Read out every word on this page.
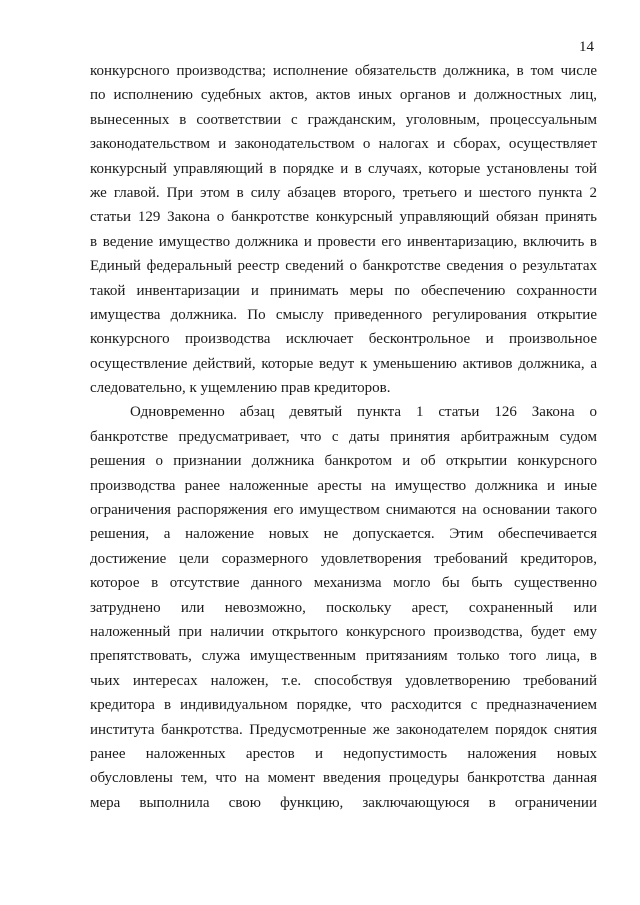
14
конкурсного производства; исполнение обязательств должника, в том числе
по исполнению судебных актов, актов иных органов и должностных лиц,
вынесенных в соответствии с гражданским, уголовным, процессуальным
законодательством и законодательством о налогах и сборах, осуществляет
конкурсный управляющий в порядке и в случаях, которые установлены той
же главой. При этом в силу абзацев второго, третьего и шестого пункта 2
статьи 129 Закона о банкротстве конкурсный управляющий обязан принять
в ведение имущество должника и провести его инвентаризацию, включить в
Единый федеральный реестр сведений о банкротстве сведения о результатах
такой инвентаризации и принимать меры по обеспечению сохранности
имущества должника. По смыслу приведенного регулирования открытие
конкурсного производства исключает бесконтрольное и произвольное
осуществление действий, которые ведут к уменьшению активов должника, а
следовательно, к ущемлению прав кредиторов.
Одновременно абзац девятый пункта 1 статьи 126 Закона о
банкротстве предусматривает, что с даты принятия арбитражным судом
решения о признании должника банкротом и об открытии конкурсного
производства ранее наложенные аресты на имущество должника и иные
ограничения распоряжения его имуществом снимаются на основании такого
решения, а наложение новых не допускается. Этим обеспечивается
достижение цели соразмерного удовлетворения требований кредиторов,
которое в отсутствие данного механизма могло бы быть существенно
затруднено или невозможно, поскольку арест, сохраненный или
наложенный при наличии открытого конкурсного производства, будет ему
препятствовать, служа имущественным притязаниям только того лица, в
чьих интересах наложен, т.е. способствуя удовлетворению требований
кредитора в индивидуальном порядке, что расходится с предназначением
института банкротства. Предусмотренные же законодателем порядок снятия
ранее наложенных арестов и недопустимость наложения новых
обусловлены тем, что на момент введения процедуры банкротства данная
мера выполнила свою функцию, заключающуюся в ограничении
